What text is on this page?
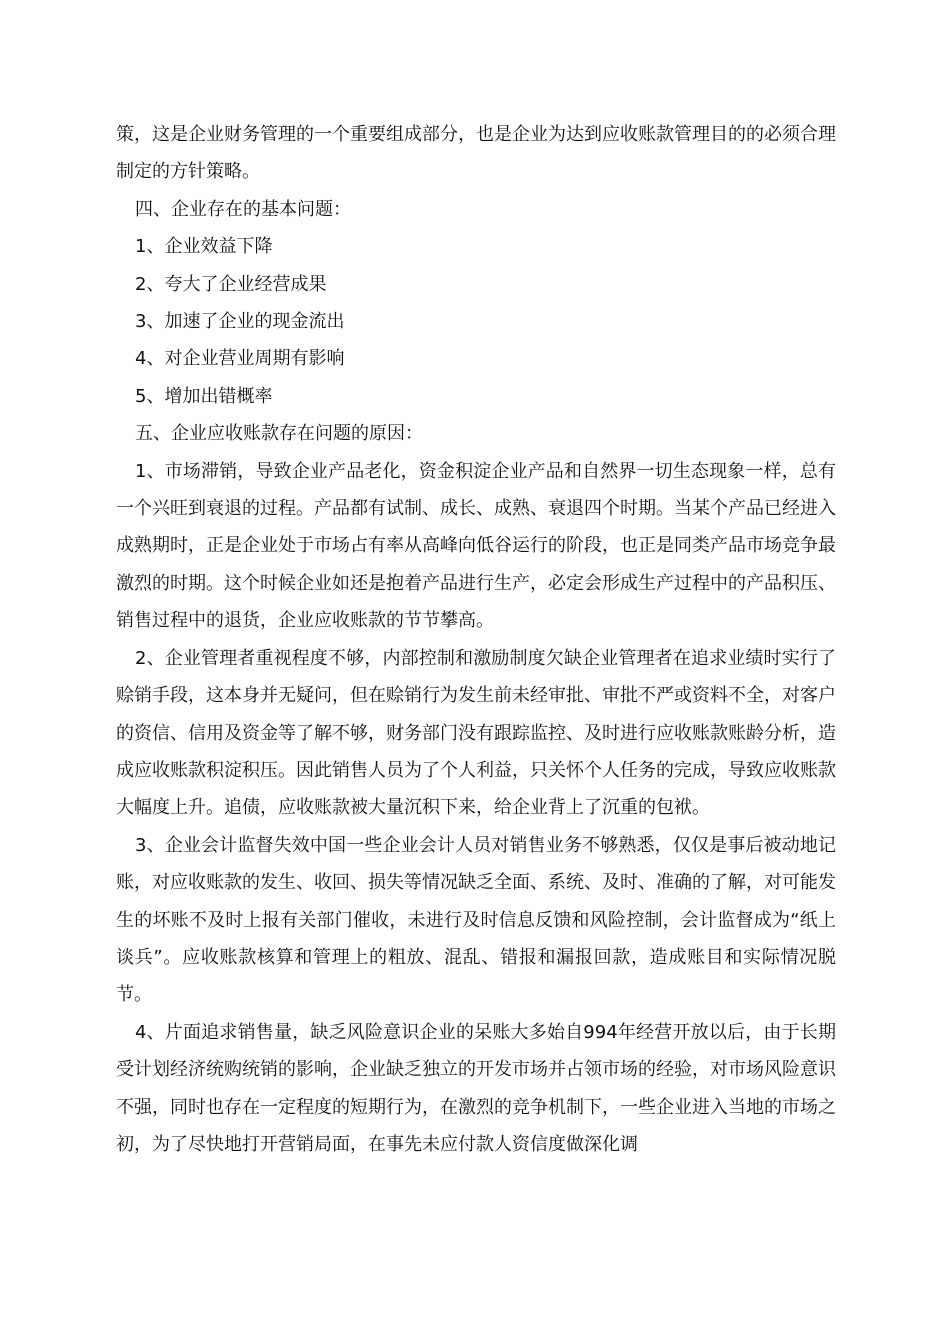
策，这是企业财务管理的一个重要组成部分，也是企业为达到应收账款管理目的的必须合理制定的方针策略。

四、企业存在的基本问题：

1、企业效益下降

2、夸大了企业经营成果

3、加速了企业的现金流出

4、对企业营业周期有影响

5、增加出错概率

五、企业应收账款存在问题的原因：

1、市场滞销，导致企业产品老化，资金积淀企业产品和自然界一切生态现象一样，总有一个兴旺到衰退的过程。产品都有试制、成长、成熟、衰退四个时期。当某个产品已经进入成熟期时，正是企业处于市场占有率从高峰向低谷运行的阶段，也正是同类产品市场竞争最激烈的时期。这个时候企业如还是抱着产品进行生产，必定会形成生产过程中的产品积压、销售过程中的退货，企业应收账款的节节攀高。

2、企业管理者重视程度不够，内部控制和激励制度欠缺企业管理者在追求业绩时实行了赊销手段，这本身并无疑问，但在赊销行为发生前未经审批、审批不严或资料不全，对客户的资信、信用及资金等了解不够，财务部门没有跟踪监控、及时进行应收账款账龄分析，造成应收账款积淀积压。因此销售人员为了个人利益，只关怀个人任务的完成，导致应收账款大幅度上升。追债，应收账款被大量沉积下来，给企业背上了沉重的包袱。

3、企业会计监督失效中国一些企业会计人员对销售业务不够熟悉，仅仅是事后被动地记账，对应收账款的发生、收回、损失等情况缺乏全面、系统、及时、准确的了解，对可能发生的坏账不及时上报有关部门催收，未进行及时信息反馈和风险控制，会计监督成为“纸上谈兵”。应收账款核算和管理上的粗放、混乱、错报和漏报回款，造成账目和实际情况脱节。

4、片面追求销售量，缺乏风险意识企业的呆账大多始自994年经营开放以后，由于长期受计划经济统购统销的影响，企业缺乏独立的开发市场并占领市场的经验，对市场风险意识不强，同时也存在一定程度的短期行为，在激烈的竞争机制下，一些企业进入当地的市场之初，为了尽快地打开营销局面，在事先未应付款人资信度做深化调
